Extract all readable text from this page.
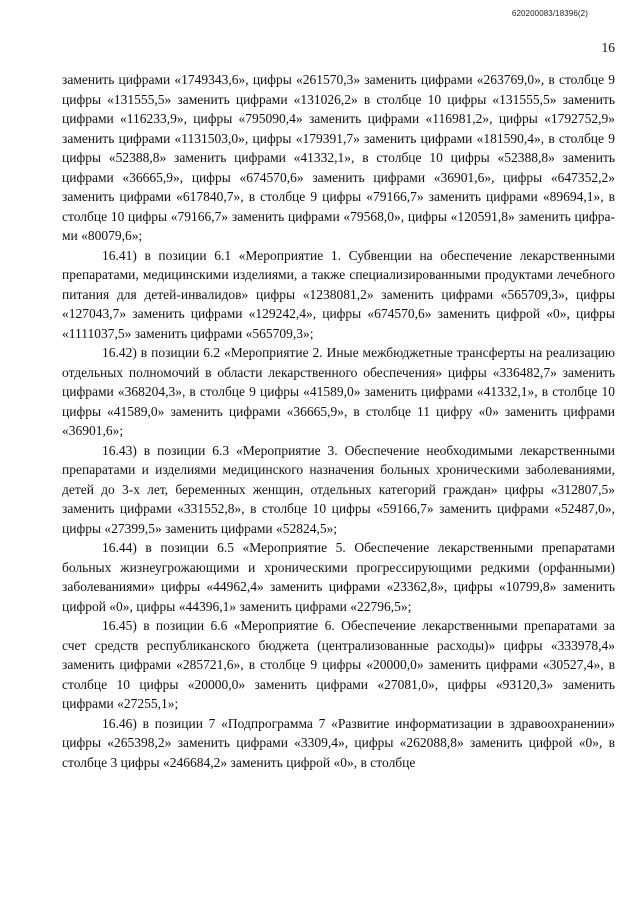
620200083/18396(2)
16

заменить цифрами «1749343,6», цифры «261570,3» заменить цифрами «263769,0», в столбце 9 цифры «131555,5» заменить цифрами «131026,2» в столбце 10 цифры «131555,5» заменить цифрами «116233,9», цифры «795090,4» заменить цифрами «116981,2», цифры «1792752,9» заменить цифрами «1131503,0», цифры «179391,7» заменить цифрами «181590,4», в столбце 9 цифры «52388,8» заменить цифрами «41332,1», в столбце 10 цифры «52388,8» заменить цифрами «36665,9», цифры «674570,6» заменить цифрами «36901,6», цифры «647352,2» заменить цифрами «617840,7», в столбце 9 цифры «79166,7» заменить цифрами «89694,1», в столбце 10 цифры «79166,7» заменить цифрами «79568,0», цифры «120591,8» заменить цифрами «80079,6»;

16.41) в позиции 6.1 «Мероприятие 1. Субвенции на обеспечение лекарственными препаратами, медицинскими изделиями, а также специализированными продуктами лечебного питания для детей-инвалидов» цифры «1238081,2» заменить цифрами «565709,3», цифры «127043,7» заменить цифрами «129242,4», цифры «674570,6» заменить цифрой «0», цифры «1111037,5» заменить цифрами «565709,3»;

16.42) в позиции 6.2 «Мероприятие 2. Иные межбюджетные трансферты на реализацию отдельных полномочий в области лекарственного обеспечения» цифры «336482,7» заменить цифрами «368204,3», в столбце 9 цифры «41589,0» заменить цифрами «41332,1», в столбце 10 цифры «41589,0» заменить цифрами «36665,9», в столбце 11 цифру «0» заменить цифрами «36901,6»;

16.43) в позиции 6.3 «Мероприятие 3. Обеспечение необходимыми лекарственными препаратами и изделиями медицинского назначения больных хроническими заболеваниями, детей до 3-х лет, беременных женщин, отдельных категорий граждан» цифры «312807,5» заменить цифрами «331552,8», в столбце 10 цифры «59166,7» заменить цифрами «52487,0», цифры «27399,5» заменить цифрами «52824,5»;

16.44) в позиции 6.5 «Мероприятие 5. Обеспечение лекарственными препаратами больных жизнеугрожающими и хроническими прогрессирующими редкими (орфанными) заболеваниями» цифры «44962,4» заменить цифрами «23362,8», цифры «10799,8» заменить цифрой «0», цифры «44396,1» заменить цифрами «22796,5»;

16.45) в позиции 6.6 «Мероприятие 6. Обеспечение лекарственными препаратами за счет средств республиканского бюджета (централизованные расходы)» цифры «333978,4» заменить цифрами «285721,6», в столбце 9 цифры «20000,0» заменить цифрами «30527,4», в столбце 10 цифры «20000,0» заменить цифрами «27081,0», цифры «93120,3» заменить цифрами «27255,1»;

16.46) в позиции 7 «Подпрограмма 7 «Развитие информатизации в здравоохранении» цифры «265398,2» заменить цифрами «3309,4», цифры «262088,8» заменить цифрой «0», в столбце 3 цифры «246684,2» заменить цифрой «0», в столбце
